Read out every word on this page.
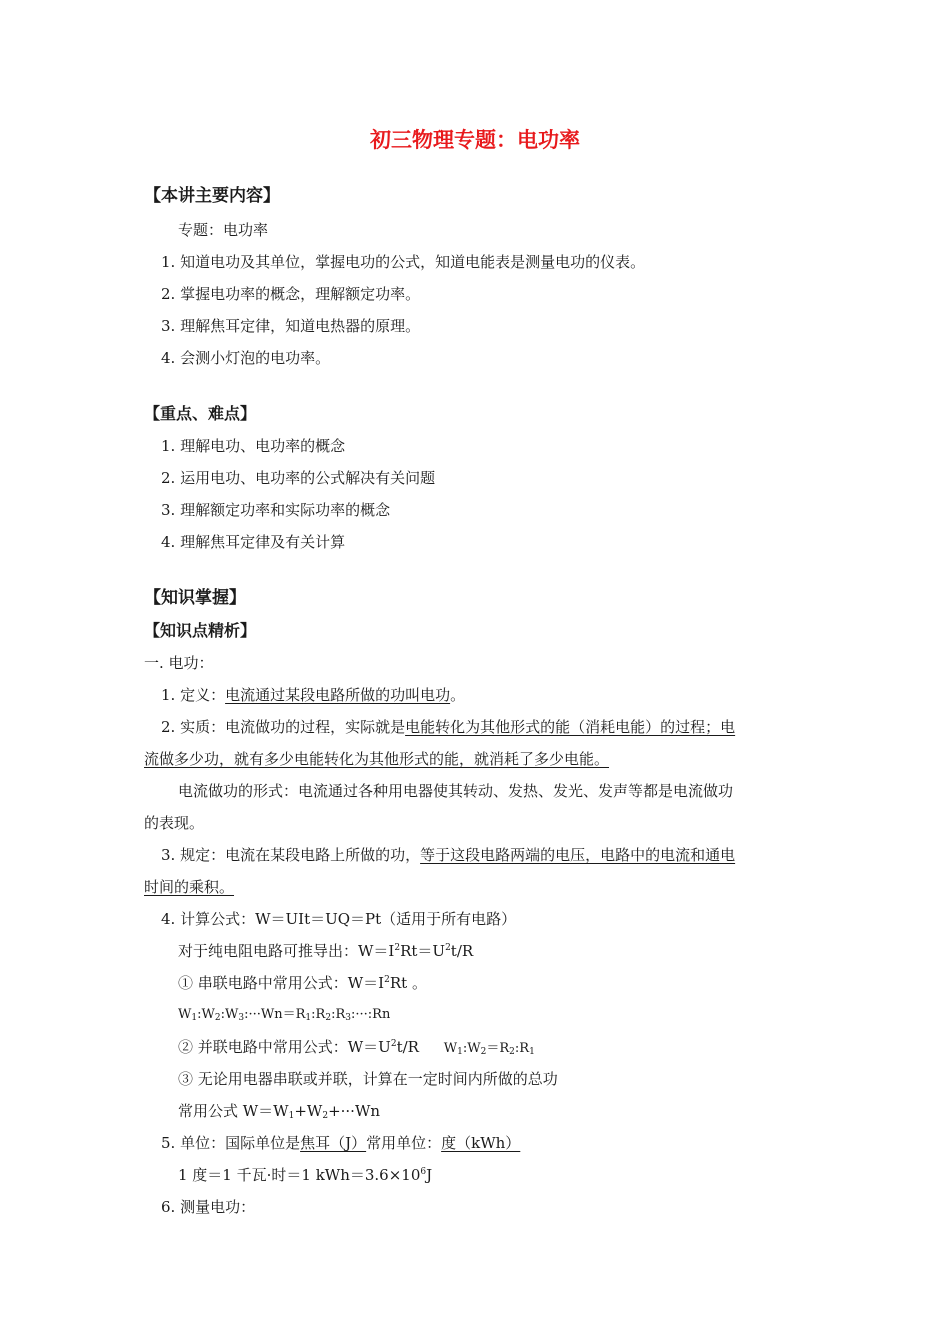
初三物理专题：电功率
【本讲主要内容】
专题：电功率
1. 知道电功及其单位，掌握电功的公式，知道电能表是测量电功的仪表。
2. 掌握电功率的概念，理解额定功率。
3. 理解焦耳定律，知道电热器的原理。
4. 会测小灯泡的电功率。
【重点、难点】
1. 理解电功、电功率的概念
2. 运用电功、电功率的公式解决有关问题
3. 理解额定功率和实际功率的概念
4. 理解焦耳定律及有关计算
【知识掌握】
【知识点精析】
一. 电功：
1. 定义：电流通过某段电路所做的功叫电功。
2. 实质：电流做功的过程，实际就是电能转化为其他形式的能（消耗电能）的过程；电
流做多少功，就有多少电能转化为其他形式的能，就消耗了多少电能。
电流做功的形式：电流通过各种用电器使其转动、发热、发光、发声等都是电流做功
的表现。
3. 规定：电流在某段电路上所做的功，等于这段电路两端的电压，电路中的电流和通电
时间的乘积。
4. 计算公式：W＝UIt＝UQ＝Pt（适用于所有电路）
对于纯电阻电路可推导出：$W=I^2Rt=U^2t/R$
① 串联电路中常用公式：$W=I^2Rt$ 。
$W_1:W_2:W_3:\cdot\cdot\cdot Wn=R_1:R_2:R_3:\cdot\cdot\cdot:Rn$
② 并联电路中常用公式：$W=U^2t/R$ $W_1:W_2=R_2:R_1$
③ 无论用电器串联或并联，计算在一定时间内所做的总功
常用公式 $W=W_1+W_2+\cdot\cdot\cdot Wn$
5. 单位：国际单位是焦耳（J）常用单位：度（kWh）
1 度＝1 千瓦·时＝1 $kWh=3.6\times 10^6J$
6. 测量电功：
